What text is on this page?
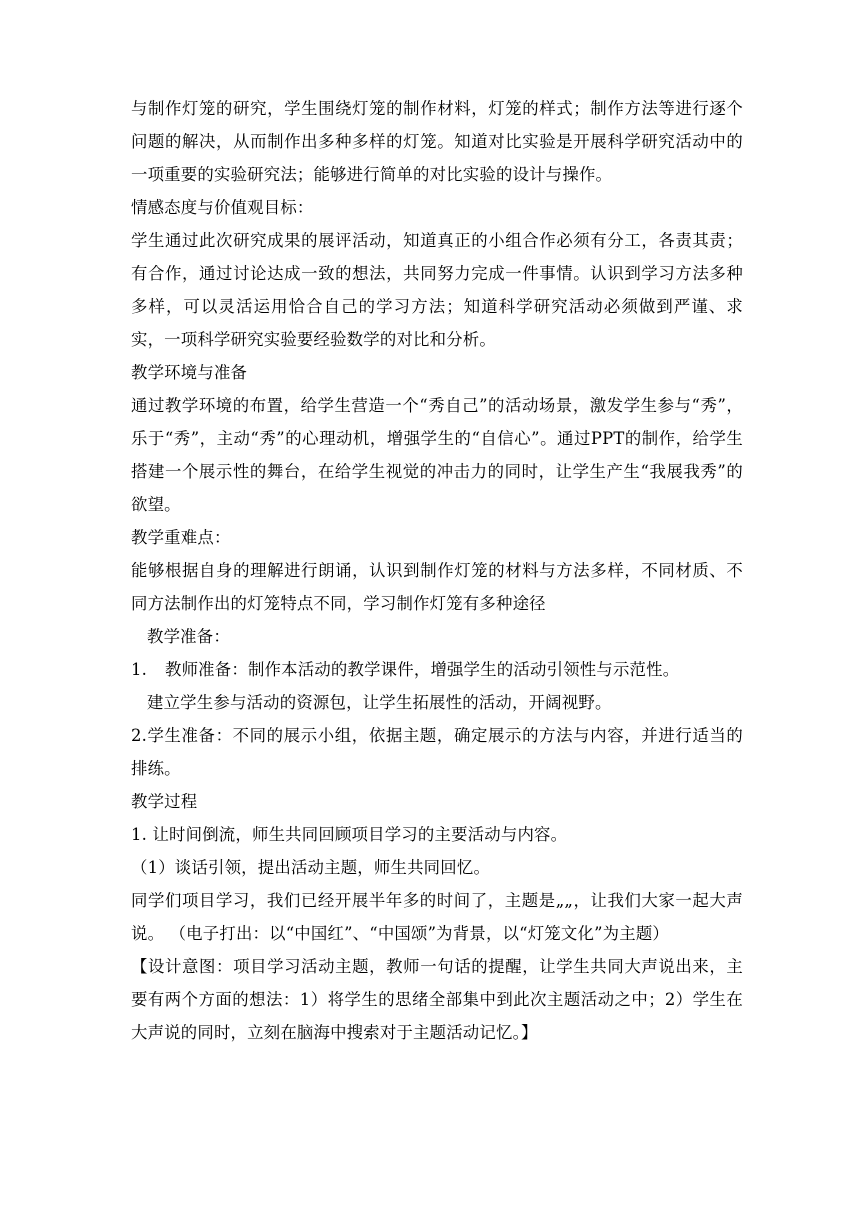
与制作灯笼的研究，学生围绕灯笼的制作材料，灯笼的样式；制作方法等进行逐个问题的解决，从而制作出多种多样的灯笼。知道对比实验是开展科学研究活动中的一项重要的实验研究法；能够进行简单的对比实验的设计与操作。

情感态度与价值观目标：

学生通过此次研究成果的展评活动，知道真正的小组合作必须有分工，各责其责；有合作，通过讨论达成一致的想法，共同努力完成一件事情。认识到学习方法多种多样，可以灵活运用恰合自己的学习方法；知道科学研究活动必须做到严谨、求实，一项科学研究实验要经验数学的对比和分析。

教学环境与准备

通过教学环境的布置，给学生营造一个“秀自己”的活动场景，激发学生参与“秀”，乐于“秀”，主动“秀”的心理动机，增强学生的“自信心”。通过PPT的制作，给学生搭建一个展示性的舞台，在给学生视觉的冲击力的同时，让学生产生“我展我秀”的欲望。

教学重难点：

能够根据自身的理解进行朗诵，认识到制作灯笼的材料与方法多样，不同材质、不同方法制作出的灯笼特点不同，学习制作灯笼有多种途径

教学准备：

1. 教师准备：制作本活动的教学课件，增强学生的活动引领性与示范性。

建立学生参与活动的资源包，让学生拓展性的活动，开阔视野。

2.学生准备：不同的展示小组，依据主题，确定展示的方法与内容，并进行适当的排练。

教学过程

1. 让时间倒流，师生共同回顾项目学习的主要活动与内容。

（1）谈话引领，提出活动主题，师生共同回忆。

同学们项目学习，我们已经开展半年多的时间了，主题是„„，让我们大家一起大声说。 （电子打出：以“中国红”、“中国颂”为背景，以“灯笼文化”为主题）

【设计意图：项目学习活动主题，教师一句话的提醒，让学生共同大声说出来，主要有两个方面的想法：1）将学生的思绪全部集中到此次主题活动之中；2）学生在大声说的同时，立刻在脑海中搜索对于主题活动记忆。】
